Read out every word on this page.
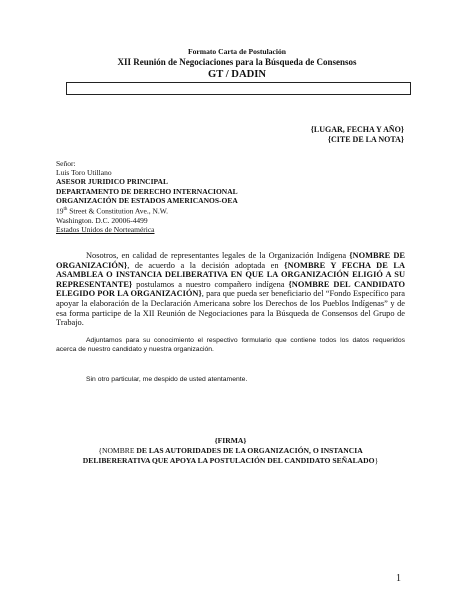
Formato Carta de Postulación
XII Reunión de Negociaciones para la Búsqueda de Consensos
GT / DADIN
{LUGAR, FECHA Y AÑO}
{CITE DE LA NOTA}
Señor:
Luis Toro Utillano
ASESOR JURIDICO PRINCIPAL
DEPARTAMENTO DE DERECHO INTERNACIONAL
ORGANIZACIÓN DE ESTADOS AMERICANOS-OEA
19th Street & Constitution Ave., N.W.
Washington. D.C. 20006-4499
Estados Unidos de Norteamérica
Nosotros, en calidad de representantes legales de la Organización Indígena {NOMBRE DE ORGANIZACIÓN}, de acuerdo a la decisión adoptada en {NOMBRE Y FECHA DE LA ASAMBLEA O INSTANCIA DELIBERATIVA EN QUE LA ORGANIZACIÓN ELIGIÓ A SU REPRESENTANTE} postulamos a nuestro compañero indígena {NOMBRE DEL CANDIDATO ELEGIDO POR LA ORGANIZACIÓN}, para que pueda ser beneficiario del “Fondo Específico para apoyar la elaboración de la Declaración Americana sobre los Derechos de los Pueblos Indígenas” y de esa forma participe de la XII Reunión de Negociaciones para la Búsqueda de Consensos del Grupo de Trabajo.
Adjuntamos para su conocimiento el respectivo formulario que contiene todos los datos requeridos acerca de nuestro candidato y nuestra organización.
Sin otro particular, me despido de usted atentamente.
{FIRMA}
{NOMBRE DE LAS AUTORIDADES DE LA ORGANIZACIÓN, O INSTANCIA
DELIBERERATIVA QUE APOYA LA POSTULACIÓN DEL CANDIDATO SEÑALADO}
1
